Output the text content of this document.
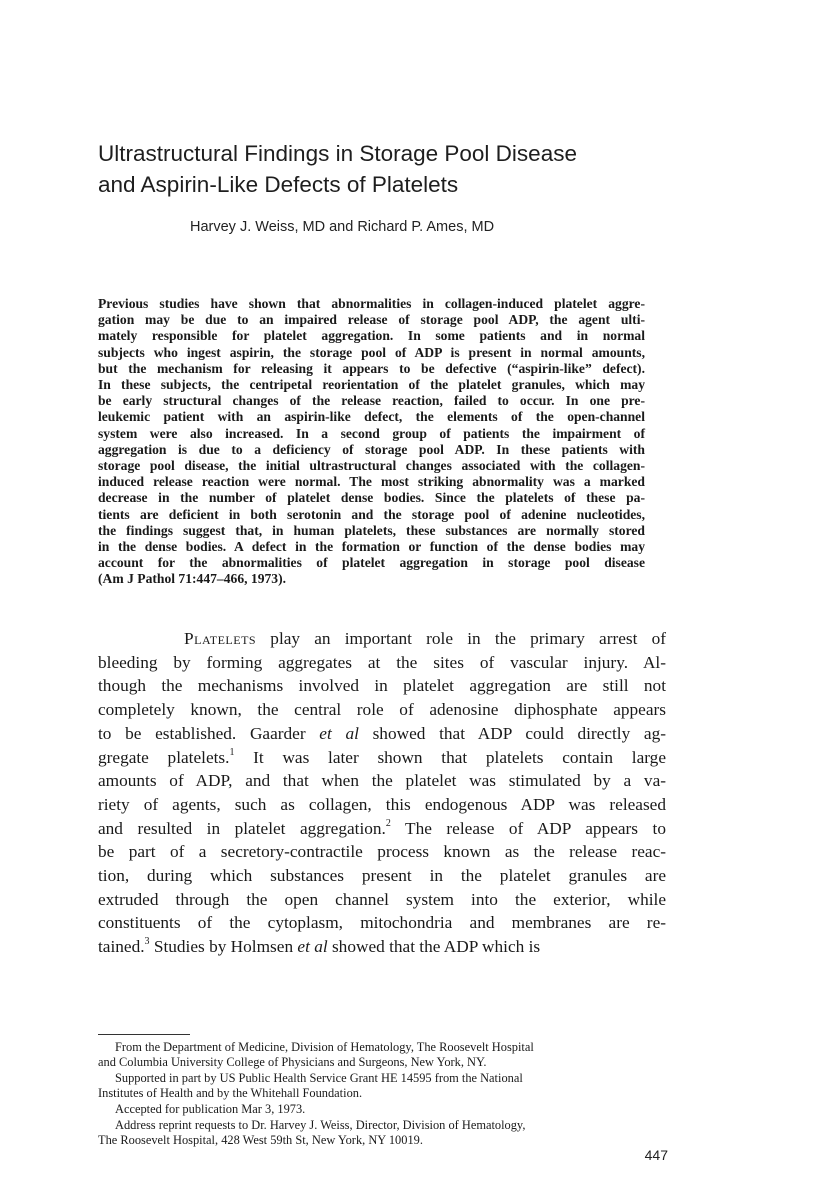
Ultrastructural Findings in Storage Pool Disease
and Aspirin-Like Defects of Platelets

Harvey J. Weiss, MD and Richard P. Ames, MD

Previous studies have shown that abnormalities in collagen-induced platelet aggre-
gation may be due to an impaired release of storage pool ADP, the agent ulti-
mately responsible for platelet aggregation. In some patients and in normal
subjects who ingest aspirin, the storage pool of ADP is present in normal amounts,
but the mechanism for releasing it appears to be defective (“aspirin-like” defect).
In these subjects, the centripetal reorientation of the platelet granules, which may
be early structural changes of the release reaction, failed to occur. In one pre-
leukemic patient with an aspirin-like defect, the elements of the open-channel
system were also increased. In a second group of patients the impairment of
aggregation is due to a deficiency of storage pool ADP. In these patients with
storage pool disease, the initial ultrastructural changes associated with the collagen-
induced release reaction were normal. The most striking abnormality was a marked
decrease in the number of platelet dense bodies. Since the platelets of these pa-
tients are deficient in both serotonin and the storage pool of adenine nucleotides,
the findings suggest that, in human platelets, these substances are normally stored
in the dense bodies. A defect in the formation or function of the dense bodies may
account for the abnormalities of platelet aggregation in storage pool disease
(Am J Pathol 71:447–466, 1973).
Platelets play an important role in the primary arrest of
bleeding by forming aggregates at the sites of vascular injury. Al-
though the mechanisms involved in platelet aggregation are still not
completely known, the central role of adenosine diphosphate appears
to be established. Gaarder et al showed that ADP could directly ag-
gregate platelets.$^1$ It was later shown that platelets contain large
amounts of ADP, and that when the platelet was stimulated by a va-
riety of agents, such as collagen, this endogenous ADP was released
and resulted in platelet aggregation.$^2$ The release of ADP appears to
be part of a secretory-contractile process known as the release reac-
tion, during which substances present in the platelet granules are
extruded through the open channel system into the exterior, while
constituents of the cytoplasm, mitochondria and membranes are re-
tained.$^3$ Studies by Holmsen et al showed that the ADP which is
From the Department of Medicine, Division of Hematology, The Roosevelt Hospital
and Columbia University College of Physicians and Surgeons, New York, NY.
Supported in part by US Public Health Service Grant HE 14595 from the National
Institutes of Health and by the Whitehall Foundation.
Accepted for publication Mar 3, 1973.
Address reprint requests to Dr. Harvey J. Weiss, Director, Division of Hematology,
The Roosevelt Hospital, 428 West 59th St, New York, NY 10019.
447
